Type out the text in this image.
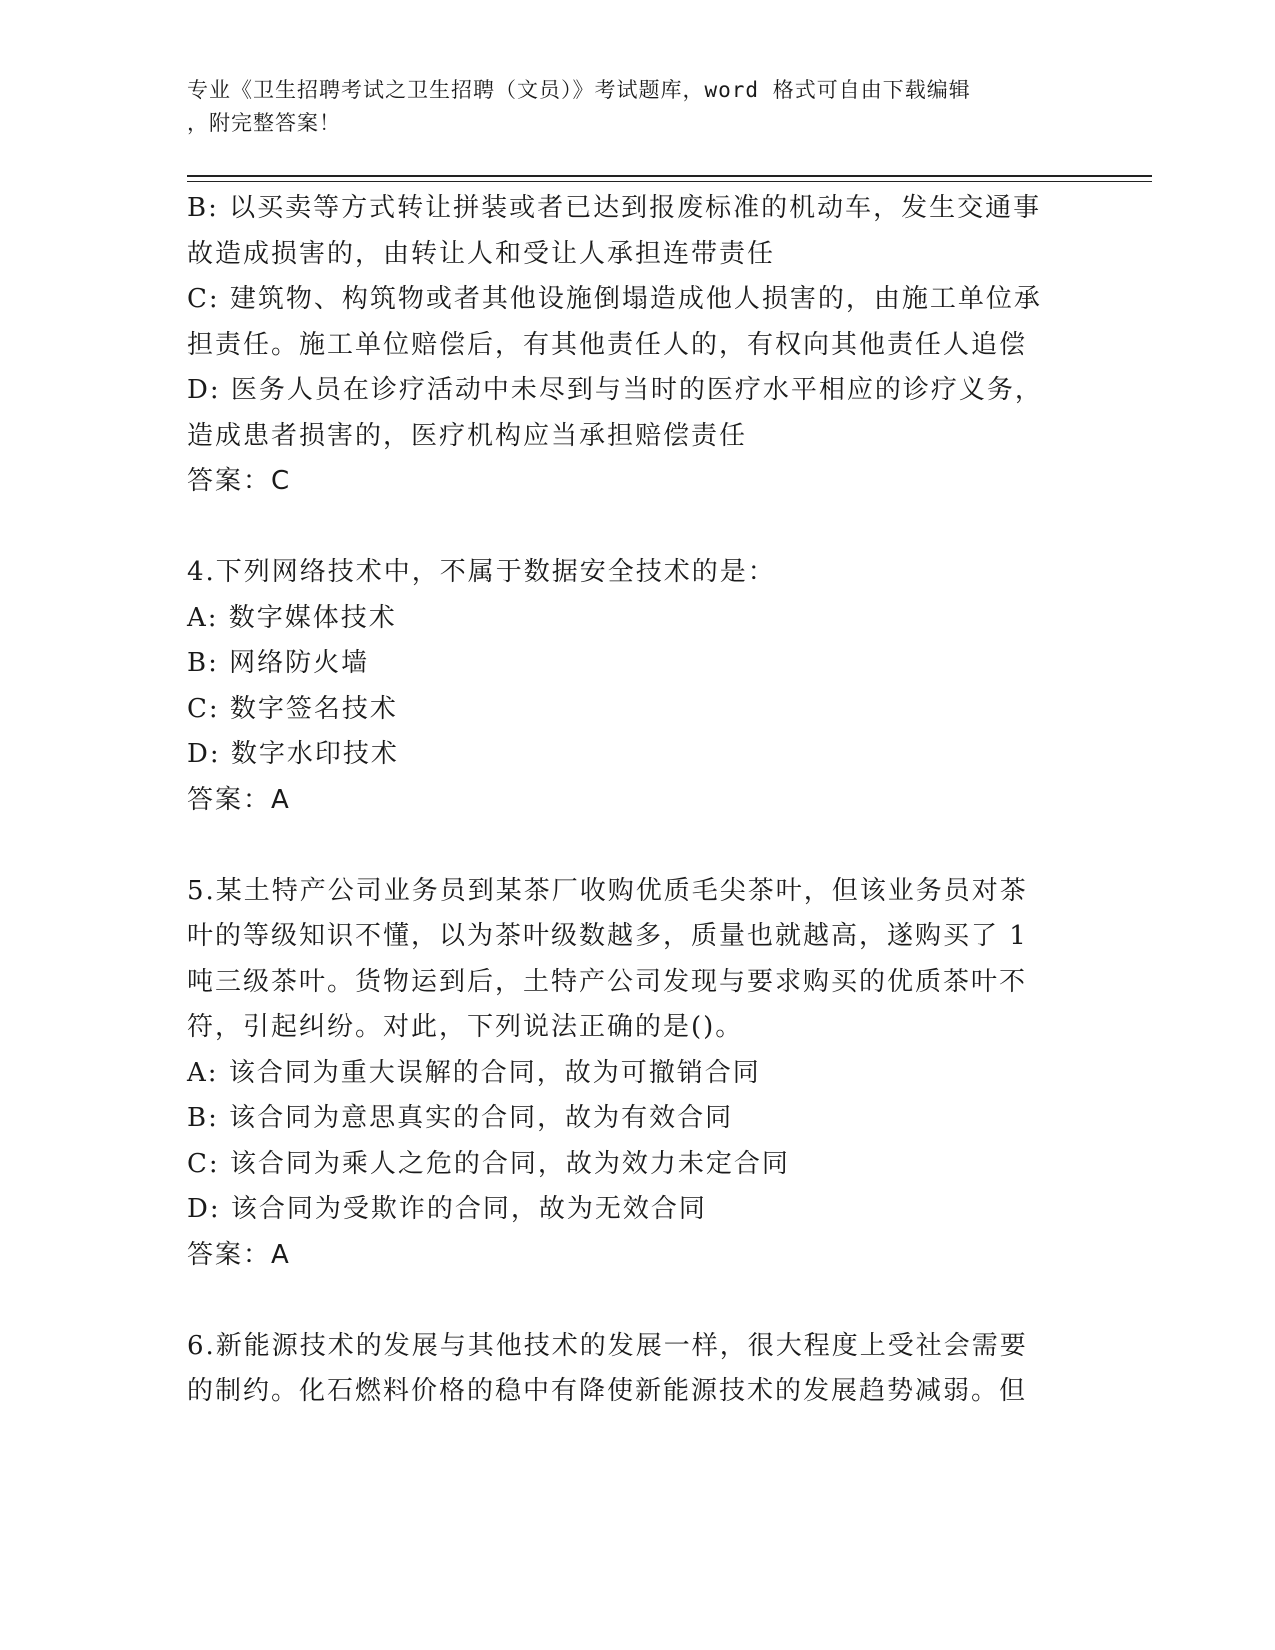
专业《卫生招聘考试之卫生招聘（文员）》考试题库，word 格式可自由下载编辑
，附完整答案！
B: 以买卖等方式转让拼装或者已达到报废标准的机动车，发生交通事
故造成损害的，由转让人和受让人承担连带责任
C: 建筑物、构筑物或者其他设施倒塌造成他人损害的，由施工单位承
担责任。施工单位赔偿后，有其他责任人的，有权向其他责任人追偿
D: 医务人员在诊疗活动中未尽到与当时的医疗水平相应的诊疗义务，
造成患者损害的，医疗机构应当承担赔偿责任
答案：C
4.下列网络技术中，不属于数据安全技术的是：
A: 数字媒体技术
B: 网络防火墙
C: 数字签名技术
D: 数字水印技术
答案：A
5.某土特产公司业务员到某茶厂收购优质毛尖茶叶，但该业务员对茶
叶的等级知识不懂，以为茶叶级数越多，质量也就越高，遂购买了 1
吨三级茶叶。货物运到后，土特产公司发现与要求购买的优质茶叶不
符，引起纠纷。对此，下列说法正确的是()。
A: 该合同为重大误解的合同，故为可撤销合同
B: 该合同为意思真实的合同，故为有效合同
C: 该合同为乘人之危的合同，故为效力未定合同
D: 该合同为受欺诈的合同，故为无效合同
答案：A
6.新能源技术的发展与其他技术的发展一样，很大程度上受社会需要
的制约。化石燃料价格的稳中有降使新能源技术的发展趋势减弱。但
